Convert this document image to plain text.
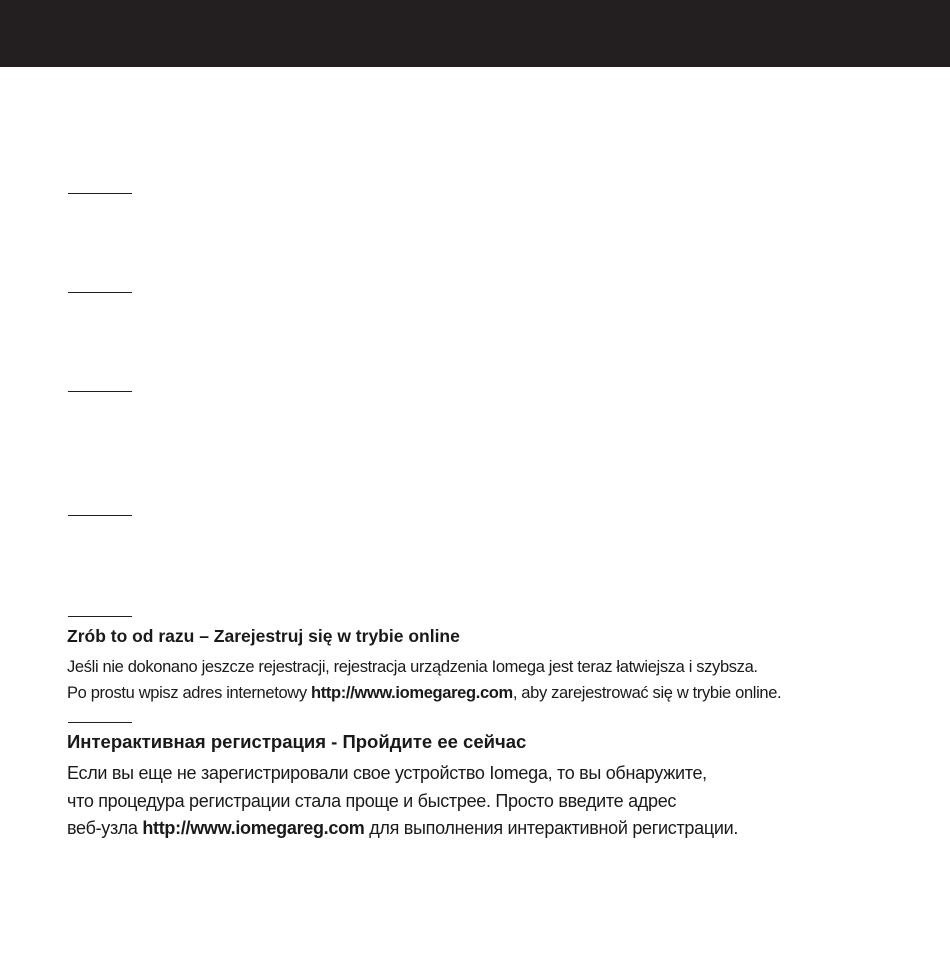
Zrób to od razu – Zarejestruj się w trybie online

Jeśli nie dokonano jeszcze rejestracji, rejestracja urządzenia Iomega jest teraz łatwiejsza i szybsza.

Po prostu wpisz adres internetowy http://www.iomegareg.com, aby zarejestrować się w trybie online.

Интерактивная регистрация - Пройдите ее сейчас

Если вы еще не зарегистрировали свое устройство Iomega, то вы обнаружите,

что процедура регистрации стала проще и быстрее. Просто введите адрес

веб-узла http://www.iomegareg.com для выполнения интерактивной регистрации.
